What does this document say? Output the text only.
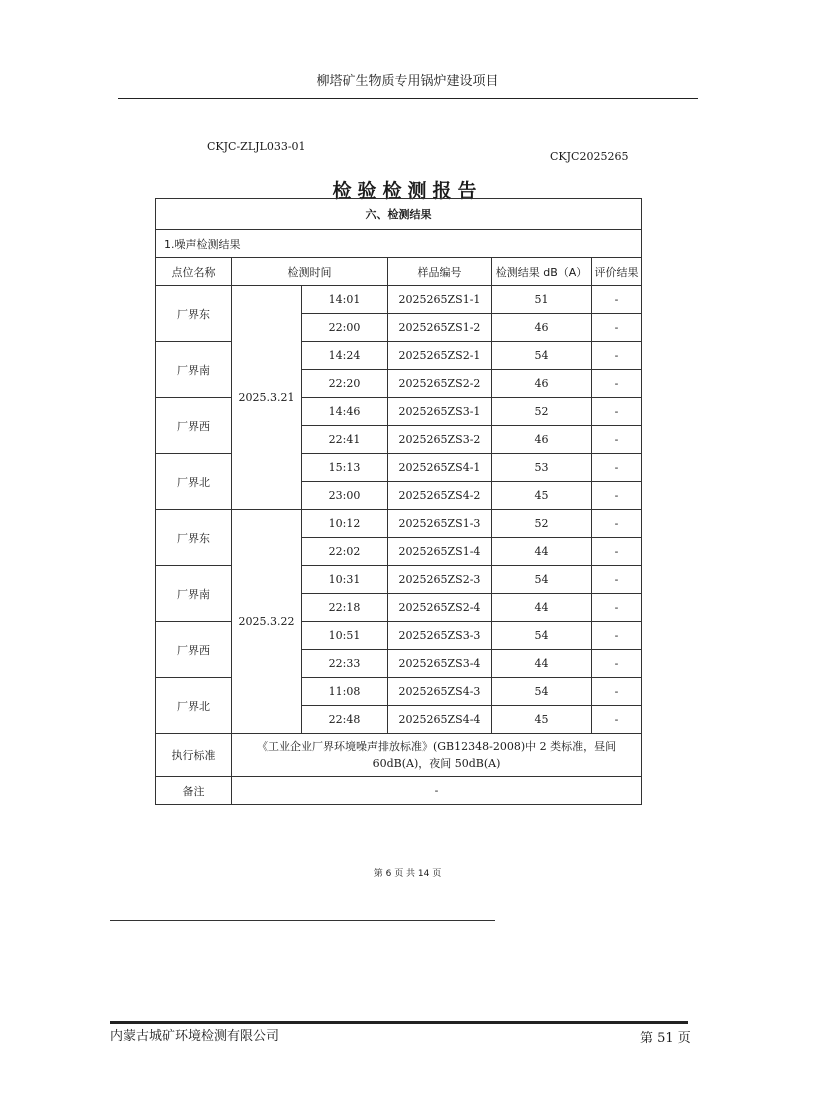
柳塔矿生物质专用锅炉建设项目
CKJC-ZLJL033-01
CKJC2025265
检验检测报告
六、检测结果					
1.噪声检测结果					
点位名称	检测时间		样品编号	检测结果 dB（A）	评价结果
厂界东	2025.3.21	14:01	2025265ZS1-1	51	-
		22:00	2025265ZS1-2	46	-
厂界南		14:24	2025265ZS2-1	54	-
		22:20	2025265ZS2-2	46	-
厂界西		14:46	2025265ZS3-1	52	-
		22:41	2025265ZS3-2	46	-
厂界北		15:13	2025265ZS4-1	53	-
		23:00	2025265ZS4-2	45	-
厂界东	2025.3.22	10:12	2025265ZS1-3	52	-
		22:02	2025265ZS1-4	44	-
厂界南		10:31	2025265ZS2-3	54	-
		22:18	2025265ZS2-4	44	-
厂界西		10:51	2025265ZS3-3	54	-
		22:33	2025265ZS3-4	44	-
厂界北		11:08	2025265ZS4-3	54	-
		22:48	2025265ZS4-4	45	-
执行标准	《工业企业厂界环境噪声排放标准》(GB12348-2008)中 2 类标准，昼间 60dB(A)，夜间 50dB(A)				
备注	-				
第 6 页 共 14 页
内蒙古城矿环境检测有限公司	第 51 页
